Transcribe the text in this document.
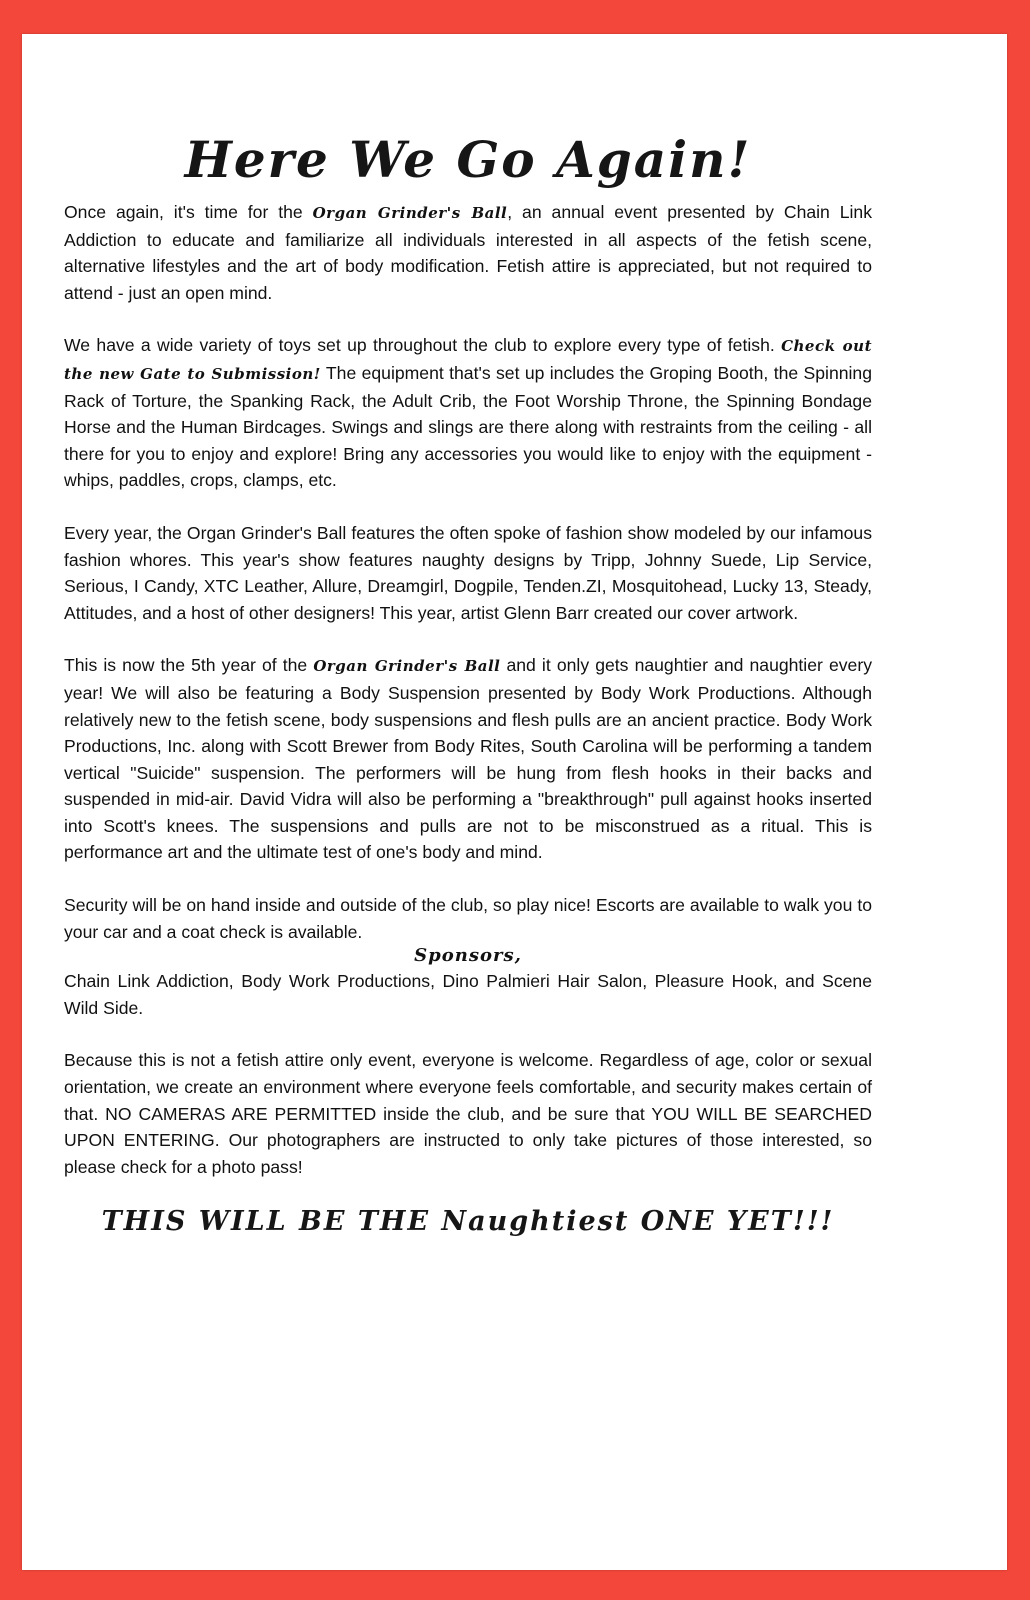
Here We Go Again!

Once again, it's time for the Organ Grinder's Ball, an annual event presented by Chain Link Addiction to educate and familiarize all individuals interested in all aspects of the fetish scene, alternative lifestyles and the art of body modification. Fetish attire is appreciated, but not required to attend - just an open mind.

We have a wide variety of toys set up throughout the club to explore every type of fetish. Check out the new Gate to Submission! The equipment that's set up includes the Groping Booth, the Spinning Rack of Torture, the Spanking Rack, the Adult Crib, the Foot Worship Throne, the Spinning Bondage Horse and the Human Birdcages. Swings and slings are there along with restraints from the ceiling - all there for you to enjoy and explore! Bring any accessories you would like to enjoy with the equipment - whips, paddles, crops, clamps, etc.

Every year, the Organ Grinder's Ball features the often spoke of fashion show modeled by our infamous fashion whores. This year's show features naughty designs by Tripp, Johnny Suede, Lip Service, Serious, I Candy, XTC Leather, Allure, Dreamgirl, Dogpile, Tenden.ZI, Mosquitohead, Lucky 13, Steady, Attitudes, and a host of other designers! This year, artist Glenn Barr created our cover artwork.

This is now the 5th year of the Organ Grinder's Ball and it only gets naughtier and naughtier every year! We will also be featuring a Body Suspension presented by Body Work Productions. Although relatively new to the fetish scene, body suspensions and flesh pulls are an ancient practice. Body Work Productions, Inc. along with Scott Brewer from Body Rites, South Carolina will be performing a tandem vertical "Suicide" suspension. The performers will be hung from flesh hooks in their backs and suspended in mid-air. David Vidra will also be performing a "breakthrough" pull against hooks inserted into Scott's knees. The suspensions and pulls are not to be misconstrued as a ritual. This is performance art and the ultimate test of one's body and mind.

Security will be on hand inside and outside of the club, so play nice! Escorts are available to walk you to your car and a coat check is available.

Sponsors,

Chain Link Addiction, Body Work Productions, Dino Palmieri Hair Salon, Pleasure Hook, and Scene Wild Side.

Because this is not a fetish attire only event, everyone is welcome. Regardless of age, color or sexual orientation, we create an environment where everyone feels comfortable, and security makes certain of that. NO CAMERAS ARE PERMITTED inside the club, and be sure that YOU WILL BE SEARCHED UPON ENTERING. Our photographers are instructed to only take pictures of those interested, so please check for a photo pass!

THIS WILL BE THE Naughtiest ONE YET!!!
